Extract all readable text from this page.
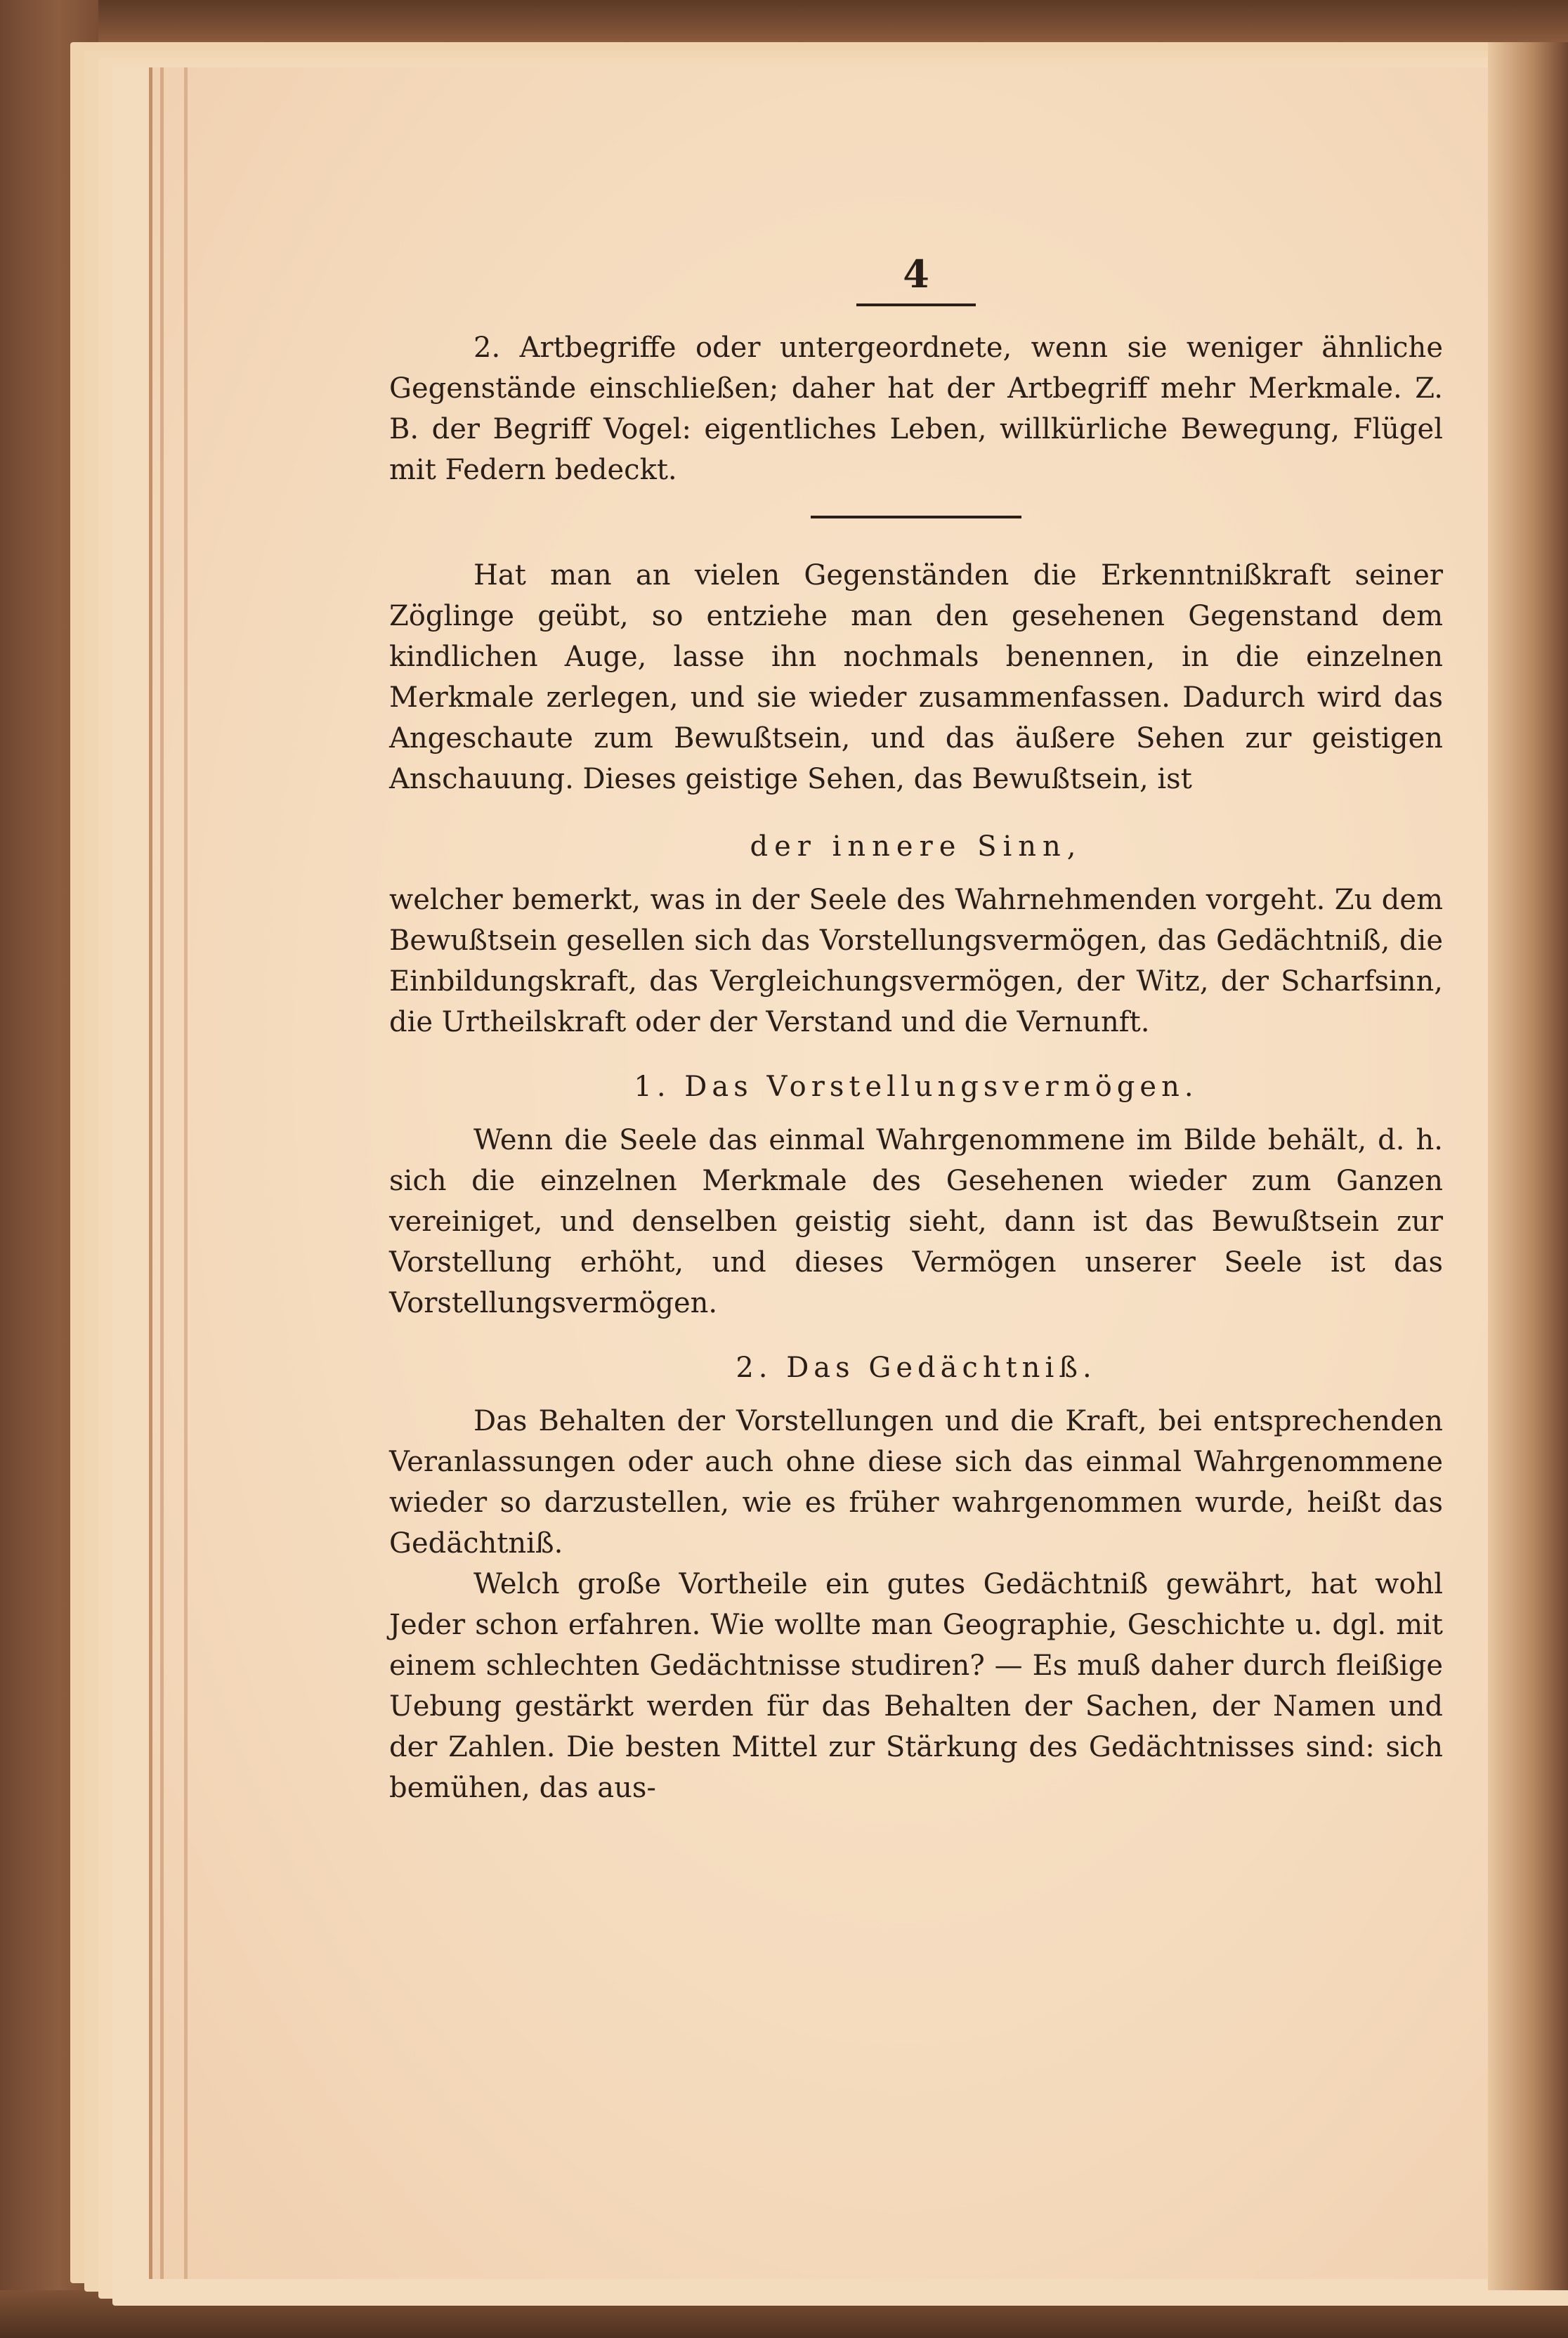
4

2. Artbegriffe oder untergeordnete, wenn sie weniger ähnliche Gegenstände einschließen; daher hat der Artbegriff mehr Merkmale. Z. B. der Begriff Vogel: eigentliches Leben, willkürliche Bewegung, Flügel mit Federn bedeckt.

Hat man an vielen Gegenständen die Erkenntnißkraft seiner Zöglinge geübt, so entziehe man den gesehenen Gegenstand dem kindlichen Auge, lasse ihn nochmals benennen, in die einzelnen Merkmale zerlegen, und sie wieder zusammenfassen. Dadurch wird das Angeschaute zum Bewußtsein, und das äußere Sehen zur geistigen Anschauung. Dieses geistige Sehen, das Bewußtsein, ist

der innere Sinn,

welcher bemerkt, was in der Seele des Wahrnehmenden vorgeht. Zu dem Bewußtsein gesellen sich das Vorstellungsvermögen, das Gedächtniß, die Einbildungskraft, das Vergleichungsvermögen, der Witz, der Scharfsinn, die Urtheilskraft oder der Verstand und die Vernunft.

1. Das Vorstellungsvermögen.

Wenn die Seele das einmal Wahrgenommene im Bilde behält, d. h. sich die einzelnen Merkmale des Gesehenen wieder zum Ganzen vereiniget, und denselben geistig sieht, dann ist das Bewußtsein zur Vorstellung erhöht, und dieses Vermögen unserer Seele ist das Vorstellungsvermögen.

2. Das Gedächtniß.

Das Behalten der Vorstellungen und die Kraft, bei entsprechenden Veranlassungen oder auch ohne diese sich das einmal Wahrgenommene wieder so darzustellen, wie es früher wahrgenommen wurde, heißt das Gedächtniß.

Welch große Vortheile ein gutes Gedächtniß gewährt, hat wohl Jeder schon erfahren. Wie wollte man Geographie, Geschichte u. dgl. mit einem schlechten Gedächtnisse studiren? — Es muß daher durch fleißige Uebung gestärkt werden für das Behalten der Sachen, der Namen und der Zahlen. Die besten Mittel zur Stärkung des Gedächtnisses sind: sich bemühen, das aus-
